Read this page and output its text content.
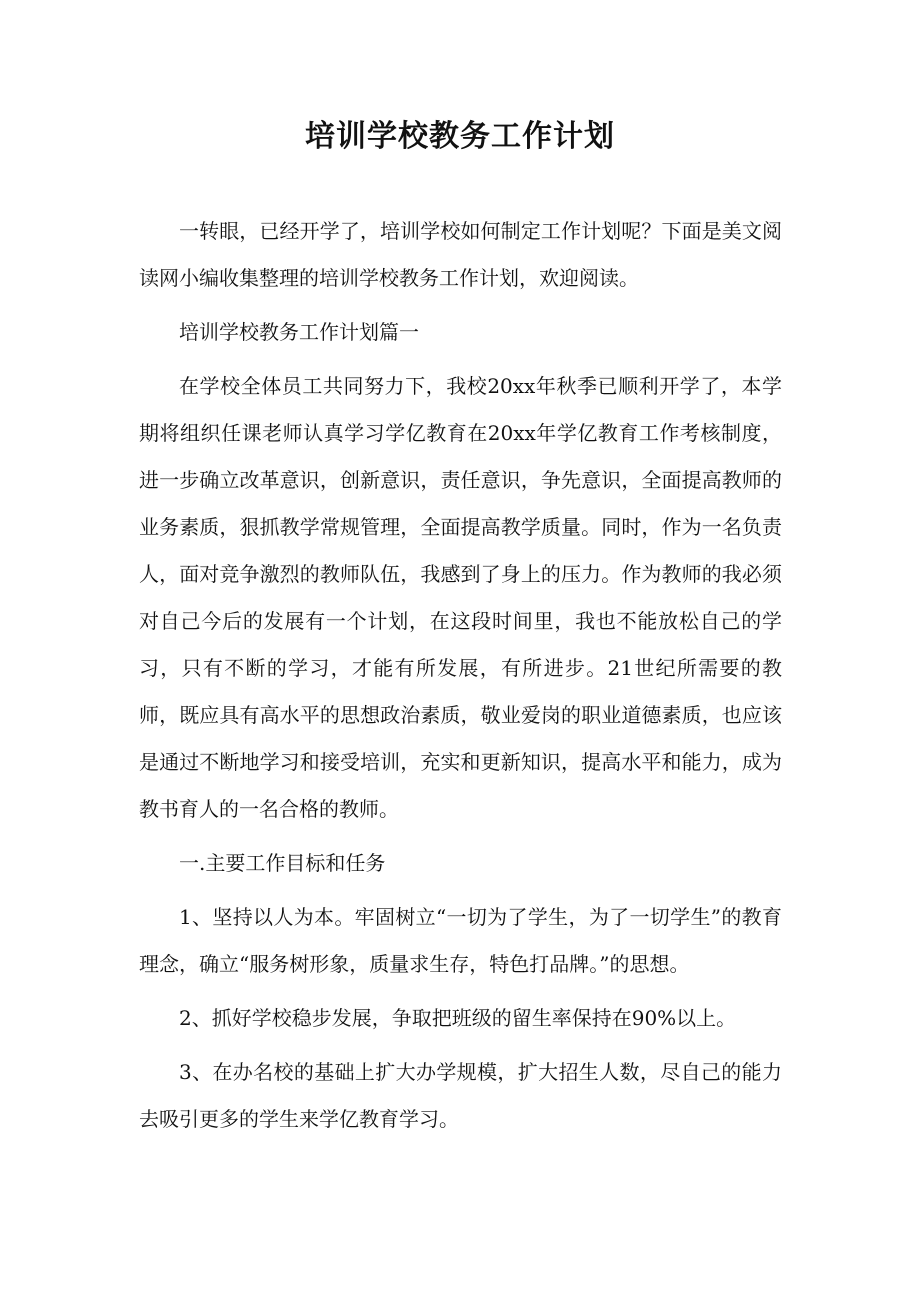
培训学校教务工作计划

一转眼，已经开学了，培训学校如何制定工作计划呢？下面是美文阅读网小编收集整理的培训学校教务工作计划，欢迎阅读。

培训学校教务工作计划篇一

在学校全体员工共同努力下，我校20xx年秋季已顺利开学了，本学期将组织任课老师认真学习学亿教育在20xx年学亿教育工作考核制度，进一步确立改革意识，创新意识，责任意识，争先意识，全面提高教师的业务素质，狠抓教学常规管理，全面提高教学质量。同时，作为一名负责人，面对竞争激烈的教师队伍，我感到了身上的压力。作为教师的我必须对自己今后的发展有一个计划，在这段时间里，我也不能放松自己的学习，只有不断的学习，才能有所发展，有所进步。21世纪所需要的教师，既应具有高水平的思想政治素质，敬业爱岗的职业道德素质，也应该是通过不断地学习和接受培训，充实和更新知识，提高水平和能力，成为教书育人的一名合格的教师。

一.主要工作目标和任务

1、坚持以人为本。牢固树立“一切为了学生，为了一切学生”的教育理念，确立“服务树形象，质量求生存，特色打品牌。”的思想。

2、抓好学校稳步发展，争取把班级的留生率保持在90%以上。

3、在办名校的基础上扩大办学规模，扩大招生人数，尽自己的能力去吸引更多的学生来学亿教育学习。
